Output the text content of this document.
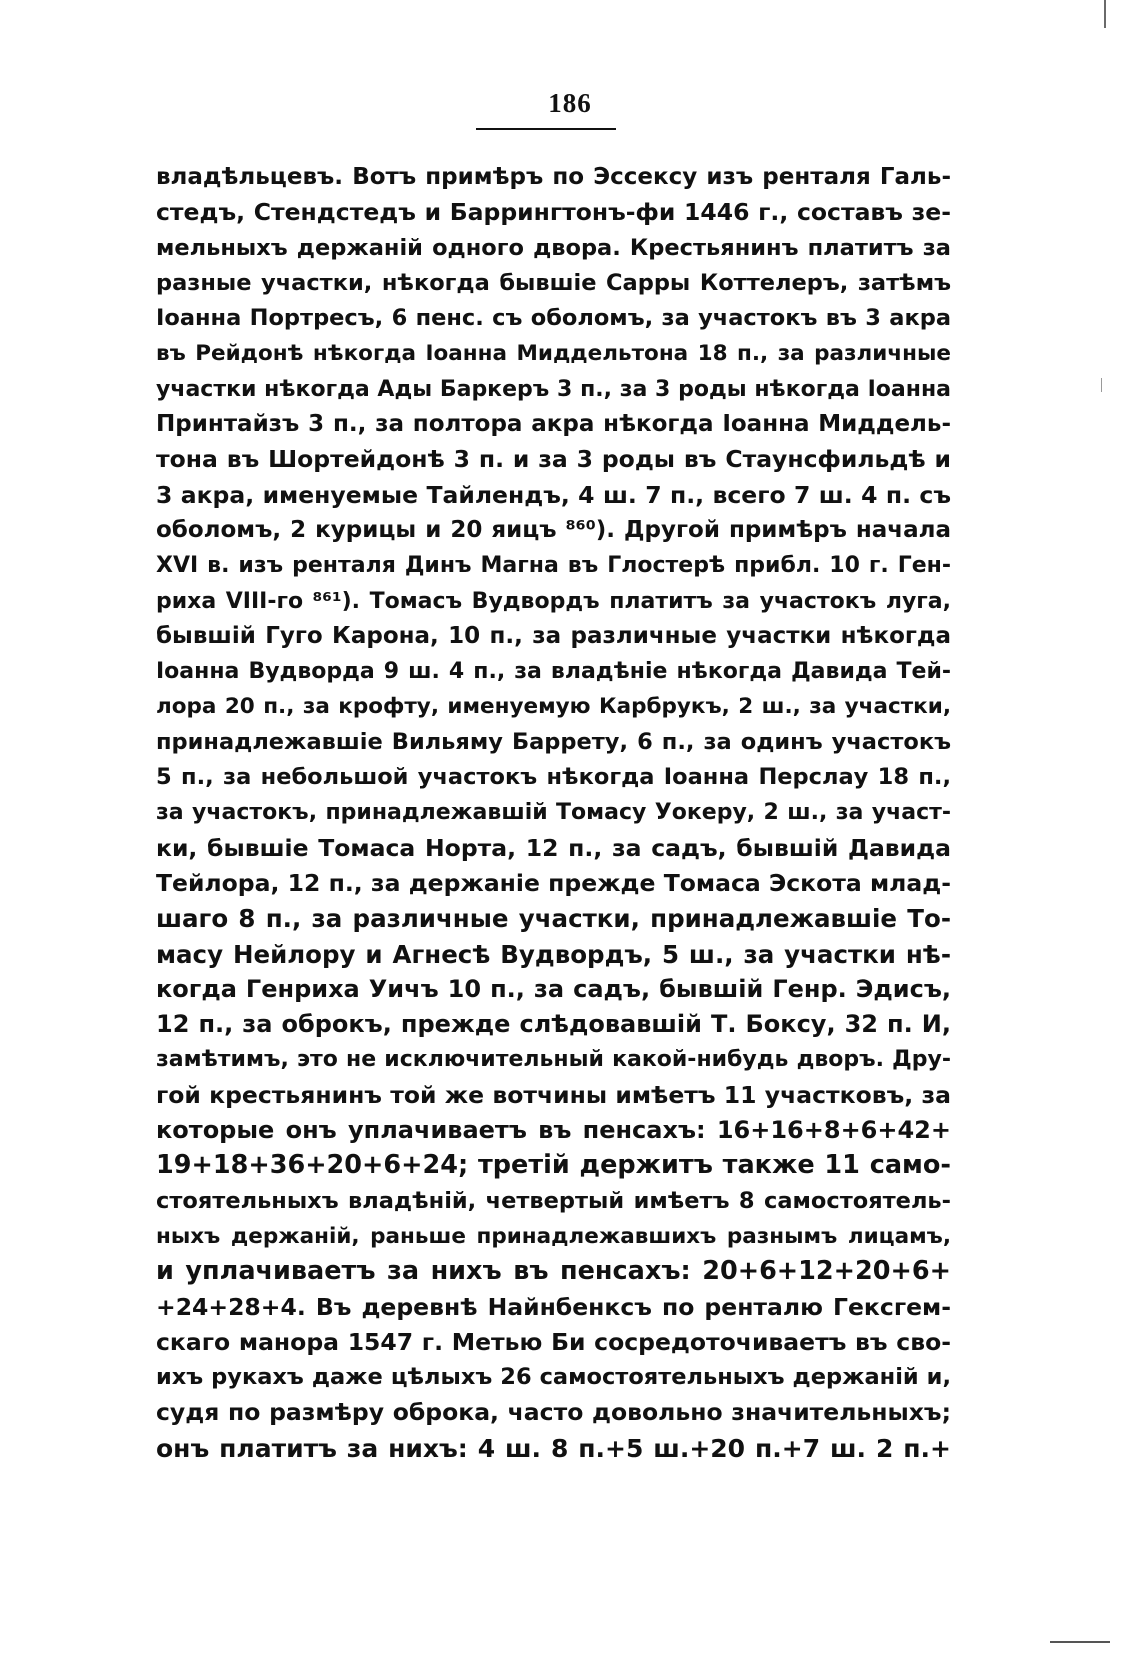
186
владѣльцевъ. Вотъ примѣръ по Эссексу изъ ренталя Галь-
стедъ, Стендстедъ и Баррингтонъ-фи 1446 г., составъ зе-
мельныхъ держаній одного двора. Крестьянинъ платитъ за
разные участки, нѣкогда бывшіе Сарры Коттелеръ, затѣмъ
Іоанна Портресъ, 6 пенс. съ оболомъ, за участокъ въ 3 акра
въ Рейдонѣ нѣкогда Іоанна Миддельтона 18 п., за различные
участки нѣкогда Ады Баркеръ 3 п., за 3 роды нѣкогда Іоанна
Принтайзъ 3 п., за полтора акра нѣкогда Іоанна Миддель-
тона въ Шортейдонѣ 3 п. и за 3 роды въ Стаунсфильдѣ и
3 акра, именуемые Тайлендъ, 4 ш. 7 п., всего 7 ш. 4 п. съ
оболомъ, 2 курицы и 20 яицъ ⁸⁶⁰). Другой примѣръ начала
XVI в. изъ ренталя Динъ Магна въ Глостерѣ прибл. 10 г. Ген-
риха VIII-го ⁸⁶¹). Томасъ Вудвордъ платитъ за участокъ луга,
бывшій Гуго Карона, 10 п., за различные участки нѣкогда
Іоанна Вудворда 9 ш. 4 п., за владѣніе нѣкогда Давида Тей-
лора 20 п., за крофту, именуемую Карбрукъ, 2 ш., за участки,
принадлежавшіе Вильяму Баррету, 6 п., за одинъ участокъ
5 п., за небольшой участокъ нѣкогда Іоанна Перслау 18 п.,
за участокъ, принадлежавшій Томасу Уокеру, 2 ш., за участ-
ки, бывшіе Томаса Норта, 12 п., за садъ, бывшій Давида
Тейлора, 12 п., за держаніе прежде Томаса Эскота млад-
шаго 8 п., за различные участки, принадлежавшіе То-
масу Нейлору и Агнесѣ Вудвордъ, 5 ш., за участки нѣ-
когда Генриха Уичъ 10 п., за садъ, бывшій Генр. Эдисъ,
12 п., за оброкъ, прежде слѣдовавшій Т. Боксу, 32 п. И,
замѣтимъ, это не исключительный какой-нибудь дворъ. Дру-
гой крестьянинъ той же вотчины имѣетъ 11 участковъ, за
которые онъ уплачиваетъ въ пенсахъ: 16+16+8+6+42+
19+18+36+20+6+24; третій держитъ также 11 само-
стоятельныхъ владѣній, четвертый имѣетъ 8 самостоятель-
ныхъ держаній, раньше принадлежавшихъ разнымъ лицамъ,
и уплачиваетъ за нихъ въ пенсахъ: 20+6+12+20+6+
+24+28+4. Въ деревнѣ Найнбенксъ по ренталю Гексгем-
скаго манора 1547 г. Метью Би сосредоточиваетъ въ сво-
ихъ рукахъ даже цѣлыхъ 26 самостоятельныхъ держаній и,
судя по размѣру оброка, часто довольно значительныхъ;
онъ платитъ за нихъ: 4 ш. 8 п.+5 ш.+20 п.+7 ш. 2 п.+
